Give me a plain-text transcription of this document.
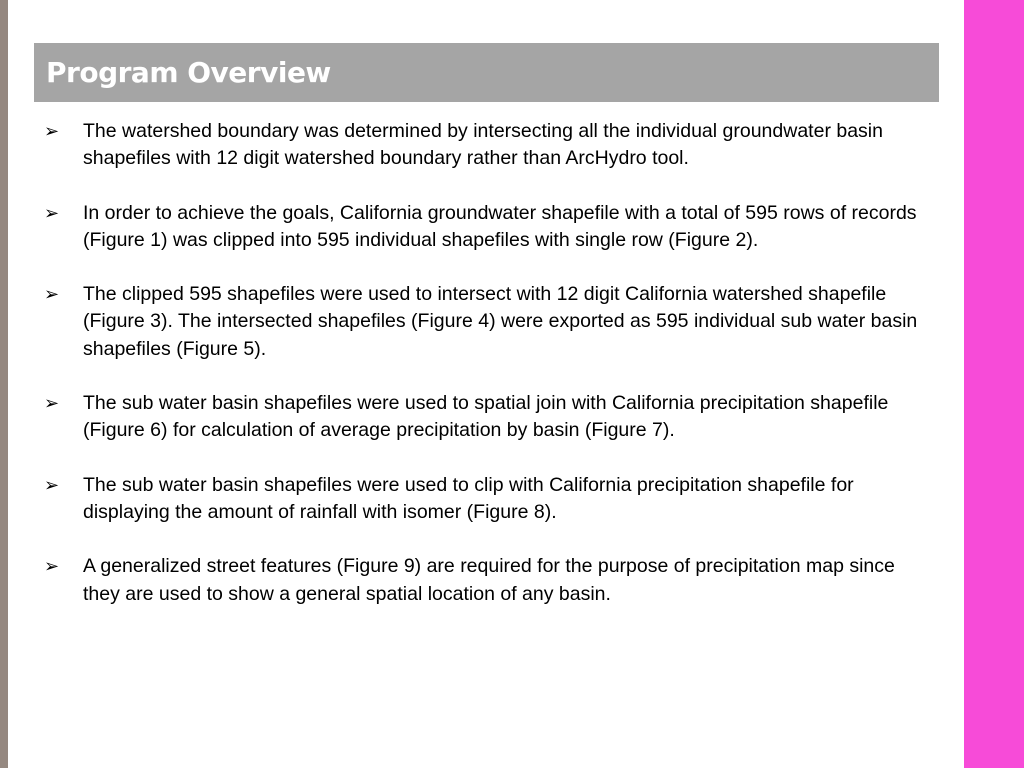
Program Overview
➢	The watershed boundary was determined by intersecting all the individual groundwater basin shapefiles with 12 digit watershed boundary rather than ArcHydro tool.
➢	In order to achieve the goals, California groundwater shapefile with a total of 595 rows of records (Figure 1) was clipped into 595 individual shapefiles with single row (Figure 2).
➢	The clipped 595 shapefiles were used to intersect with 12 digit California watershed shapefile (Figure 3). The intersected shapefiles (Figure 4) were exported as 595 individual sub water basin shapefiles (Figure 5).
➢	The sub water basin shapefiles were used to spatial join with California precipitation shapefile  (Figure 6) for calculation of average precipitation by basin (Figure 7).
➢	The sub water basin shapefiles were used to clip with California precipitation shapefile for displaying the amount of rainfall with isomer (Figure 8).
➢	A generalized street features (Figure 9) are required for the purpose of precipitation map since they are used to show a general spatial location of any basin.
